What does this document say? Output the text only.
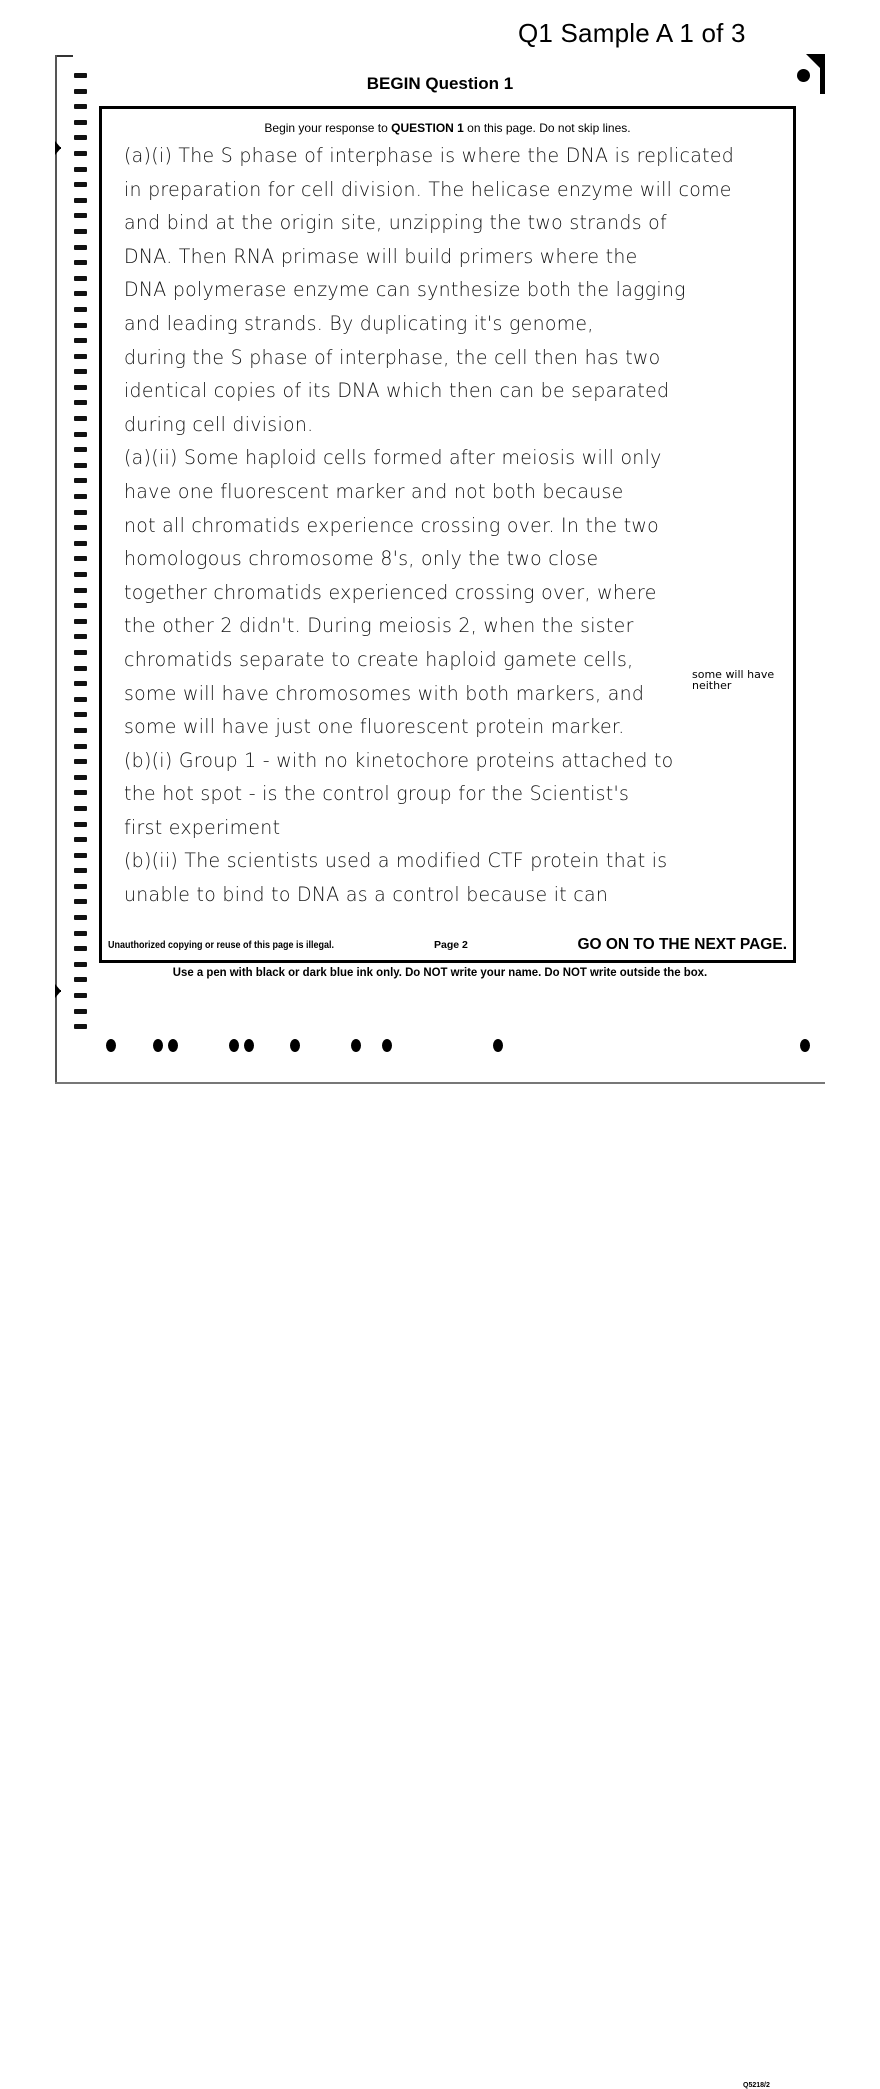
Q1 Sample A 1 of 3
BEGIN Question 1
Begin your response to QUESTION 1 on this page. Do not skip lines.
(a)(i) The S phase of interphase is where the DNA is replicated
in preparation for cell division. The helicase enzyme will come
and bind at the origin site, unzipping the two strands of
DNA. Then RNA primase will build primers where the
DNA polymerase enzyme can synthesize both the lagging
and leading strands. By duplicating it's genome,
during the S phase of interphase, the cell then has two
identical copies of its DNA which then can be separated
during cell division.
(a)(ii) Some haploid cells formed after meiosis will only
have one fluorescent marker and not both because
not all chromatids experience crossing over. In the two
homologous chromosome 8's, only the two close
together chromatids experienced crossing over, where
the other 2 didn't. During meiosis 2, when the sister
chromatids separate to create haploid gamete cells,
some will have chromosomes with both markers, and
some will have just one fluorescent protein marker.
(b)(i) Group 1 - with no kinetochore proteins attached to
the hot spot - is the control group for the Scientist's
first experiment
(b)(ii) The scientists used a modified CTF protein that is
unable to bind to DNA as a control because it can
some will have neither
Unauthorized copying or reuse of this page is illegal.	Page 2	GO ON TO THE NEXT PAGE.
Use a pen with black or dark blue ink only. Do NOT write your name. Do NOT write outside the box.
Q5218/2
